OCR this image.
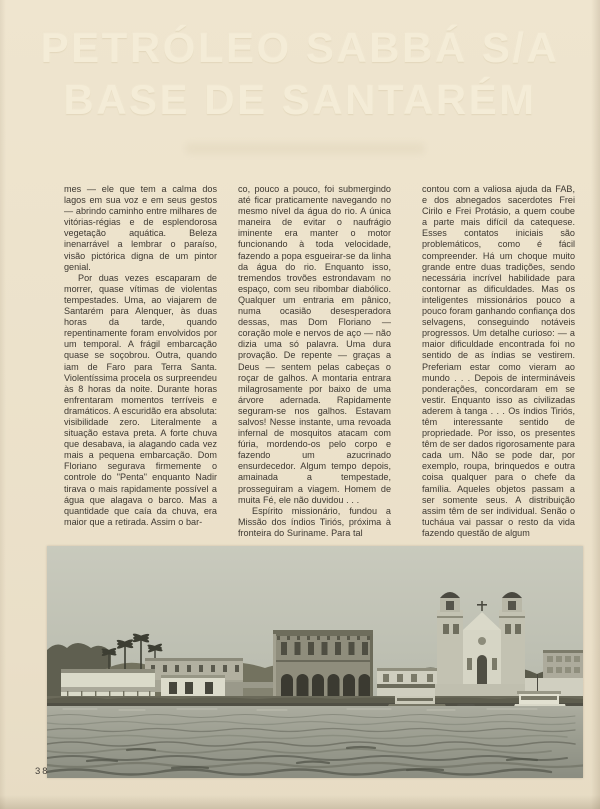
PETRÓLEO SABBÁ S/A
BASE DE SANTARÉM

mes — ele que tem a calma dos lagos em sua voz e em seus gestos — abrindo caminho entre milhares de vitórias-régias e de esplendorosa vegetação aquática. Beleza inenarrável a lembrar o paraíso, visão pictórica digna de um pintor genial.

Por duas vezes escaparam de morrer, quase vítimas de violentas tempestades. Uma, ao viajarem de Santarém para Alenquer, às duas horas da tarde, quando repentinamente foram envolvidos por um temporal. A frágil embarcação quase se soçobrou. Outra, quando iam de Faro para Terra Santa. Violentíssima procela os surpreendeu às 8 horas da noite. Durante horas enfrentaram momentos terríveis e dramáticos. A escuridão era absoluta: visibilidade zero. Literalmente a situação estava preta. A forte chuva que desabava, ia alagando cada vez mais a pequena embarcação. Dom Floriano segurava firmemente o controle do "Penta" enquanto Nadir tirava o mais rapidamente possível a água que alagava o barco. Mas a quantidade que caía da chuva, era maior que a retirada. Assim o bar-

co, pouco a pouco, foi submergindo até ficar praticamente navegando no mesmo nível da água do rio. A única maneira de evitar o naufrágio iminente era manter o motor funcionando à toda velocidade, fazendo a popa esgueirar-se da linha da água do rio. Enquanto isso, tremendos trovões estrondavam no espaço, com seu ribombar diabólico. Qualquer um entraria em pânico, numa ocasião desesperadora dessas, mas Dom Floriano — coração mole e nervos de aço — não dizia uma só palavra. Uma dura provação. De repente — graças a Deus — sentem pelas cabeças o roçar de galhos. A montaria entrara milagrosamente por baixo de uma árvore adernada. Rapidamente seguram-se nos galhos. Estavam salvos! Nesse instante, uma revoada infernal de mosquitos atacam com fúria, mordendo-os pelo corpo e fazendo um azucrinado ensurdecedor. Algum tempo depois, amainada a tempestade, prosseguiram a viagem. Homem de muita Fé, ele não duvidou . . .

Espírito missionário, fundou a Missão dos índios Tiriós, próxima à fronteira do Suriname. Para tal

contou com a valiosa ajuda da FAB, e dos abnegados sacerdotes Frei Cirilo e Frei Protásio, a quem coube a parte mais difícil da catequese. Esses contatos iniciais são problemáticos, como é fácil compreender. Há um choque muito grande entre duas tradições, sendo necessária incrível habilidade para contornar as dificuldades. Mas os inteligentes missionários pouco a pouco foram ganhando confiança dos selvagens, conseguindo notáveis progressos. Um detalhe curioso: — a maior dificuldade encontrada foi no sentido de as índias se vestirem. Preferiam estar como vieram ao mundo . . . Depois de intermináveis ponderações, concordaram em se vestir. Enquanto isso as civilizadas aderem à tanga . . . Os índios Tiriós, têm interessante sentido de propriedade. Por isso, os presentes têm de ser dados rigorosamente para cada um. Não se pode dar, por exemplo, roupa, brinquedos e outra coisa qualquer para o chefe da família. Aqueles objetos passam a ser somente seus. A distribuição assim têm de ser individual. Senão o tucháua vai passar o resto da vida fazendo questão de algum

38
